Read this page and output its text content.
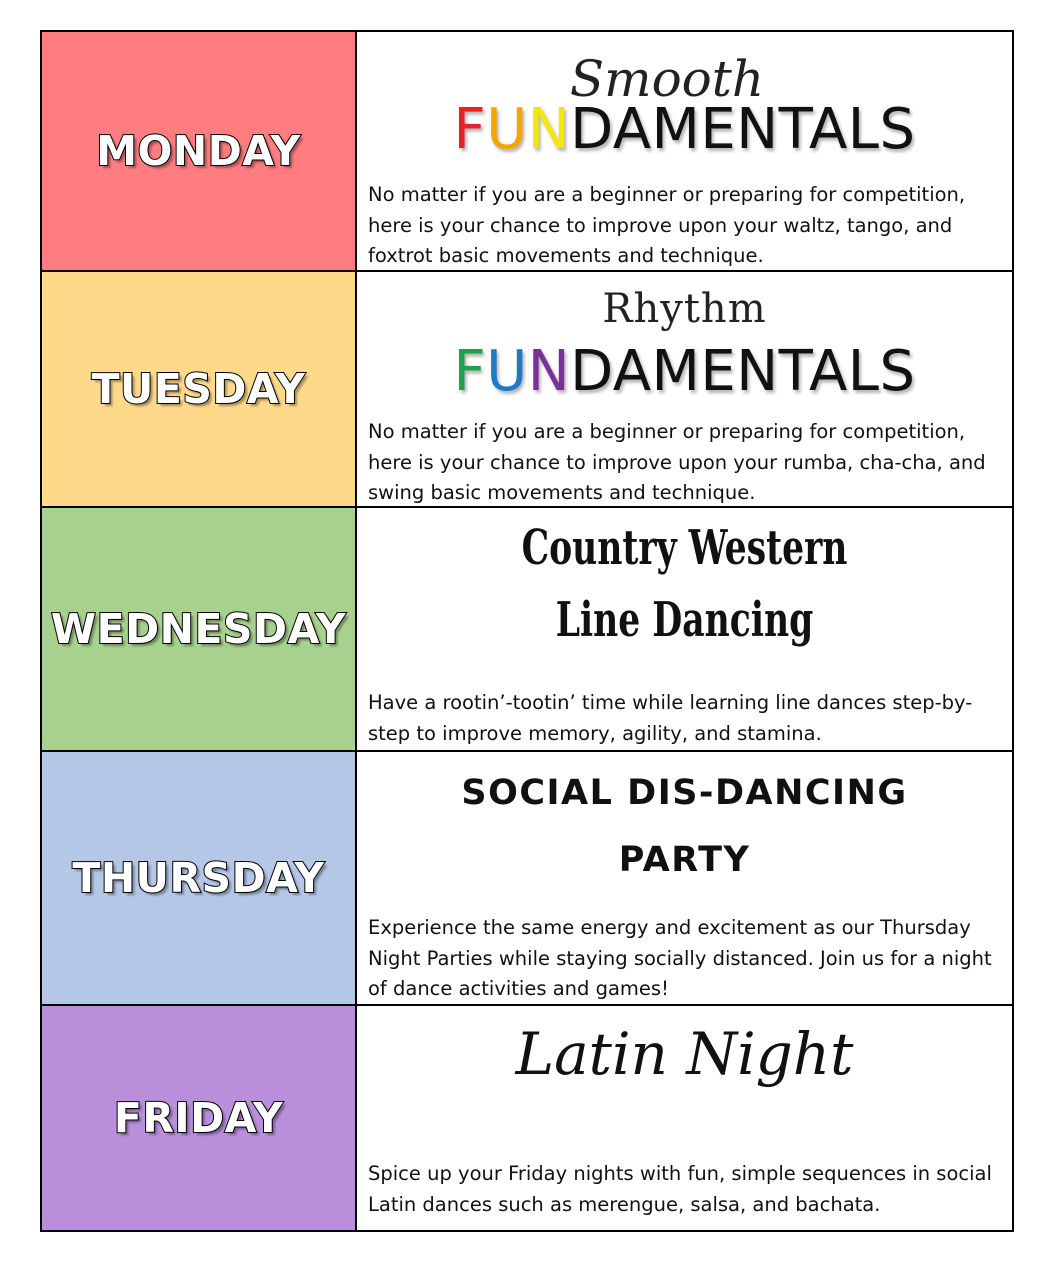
MONDAY	Smooth
FUNDAMENTALS
No matter if you are a beginner or preparing for competition, here is your chance to improve upon your waltz, tango, and foxtrot basic movements and technique.

TUESDAY	Rhythm
FUNDAMENTALS
No matter if you are a beginner or preparing for competition, here is your chance to improve upon your rumba, cha-cha, and swing basic movements and technique.

WEDNESDAY	Country Western
Line Dancing
Have a rootin’-tootin’ time while learning line dances step-by-step to improve memory, agility, and stamina.

THURSDAY	SOCIAL DIS-DANCING
PARTY
Experience the same energy and excitement as our Thursday Night Parties while staying socially distanced. Join us for a night of dance activities and games!

FRIDAY	Latin Night
Spice up your Friday nights with fun, simple sequences in social Latin dances such as merengue, salsa, and bachata.
